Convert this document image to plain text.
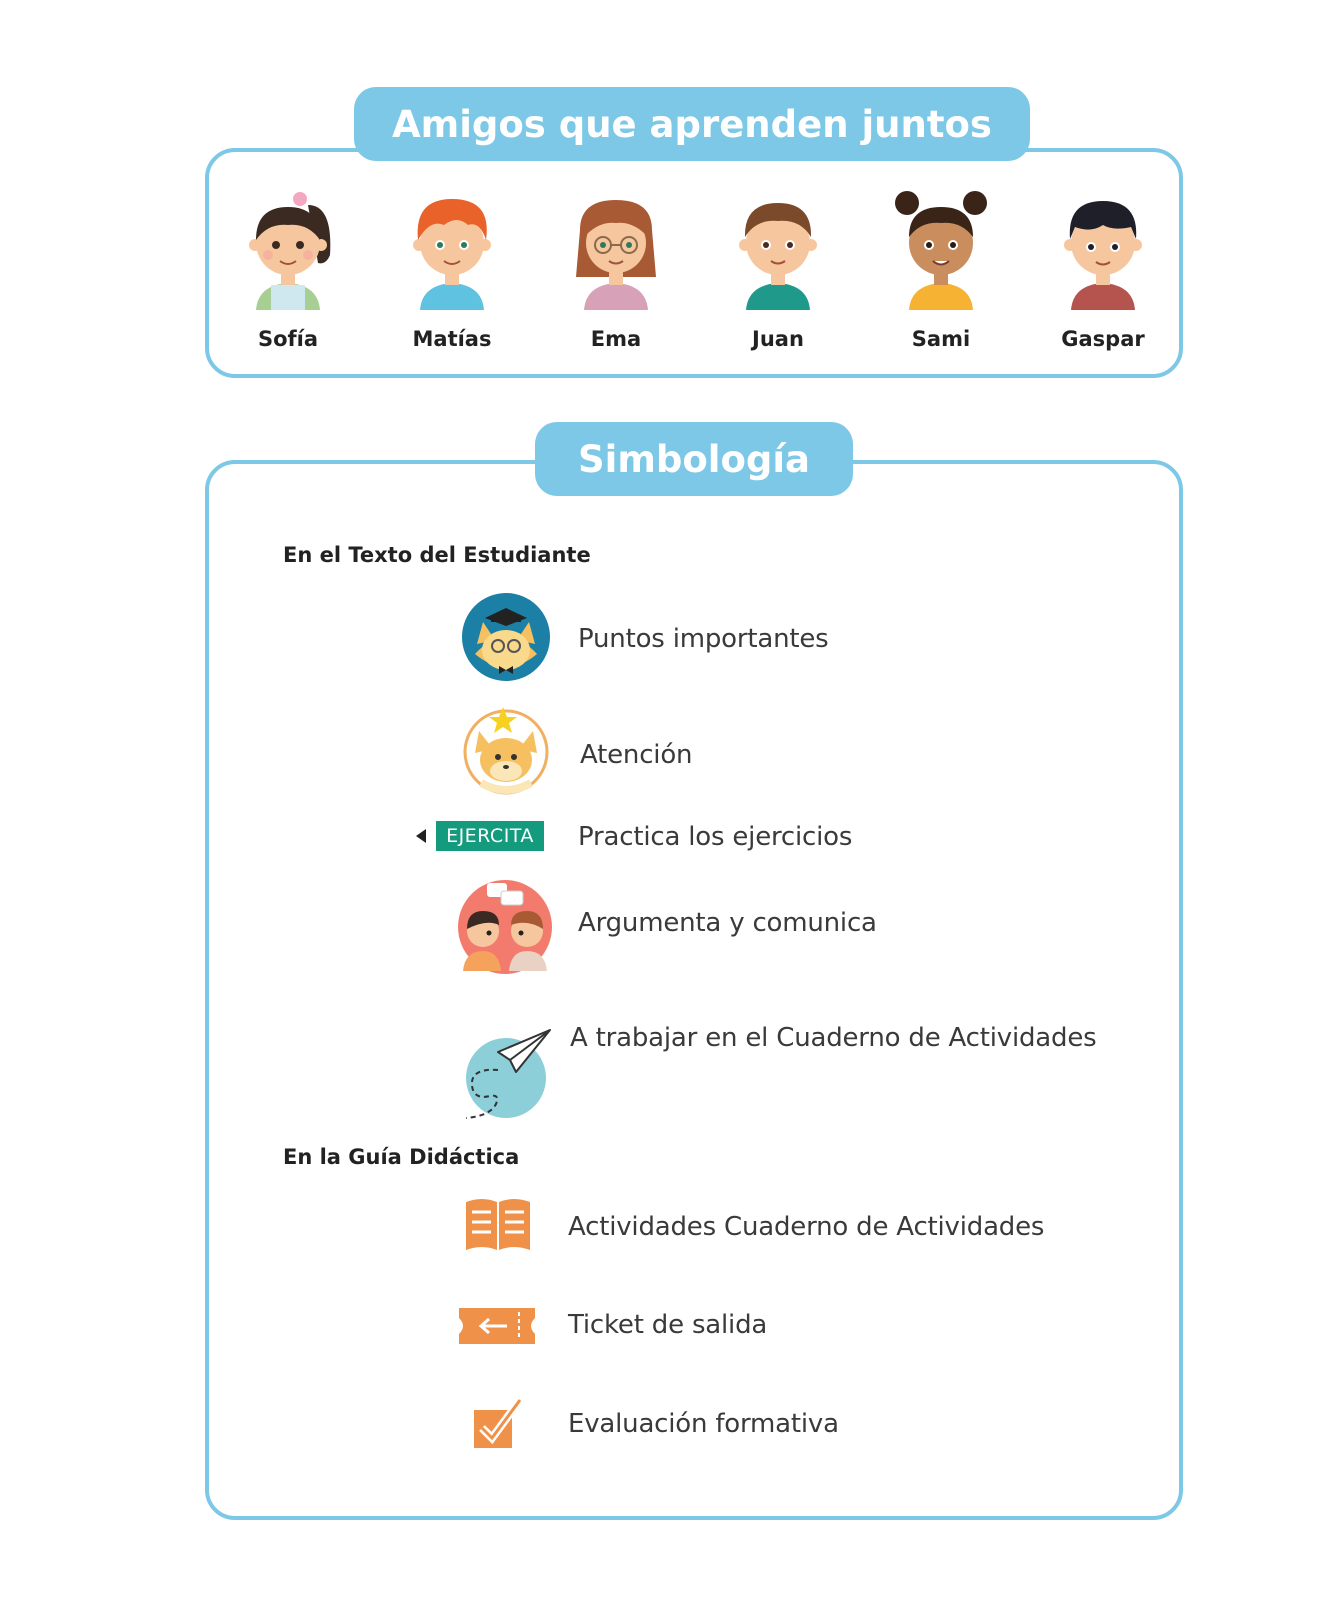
Amigos que aprenden juntos
Sofía	Matías	Ema	Juan	Sami	Gaspar
Simbología
En el Texto del Estudiante
Puntos importantes
Atención
EJERCITA	Practica los ejercicios
Argumenta y comunica
A trabajar en el Cuaderno de Actividades
En la Guía Didáctica
Actividades Cuaderno de Actividades
Ticket de salida
Evaluación formativa
